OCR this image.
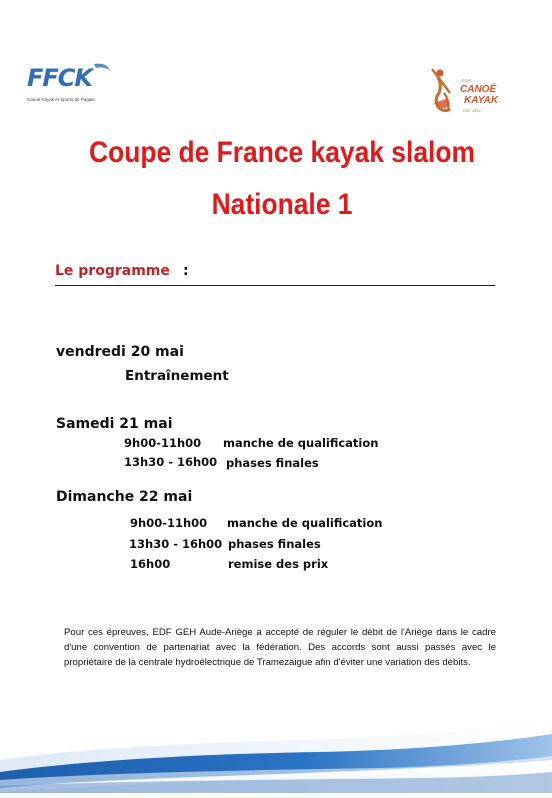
FFCK
Canoë Kayak et Sports de Pagaie
EDIF
CANOË
KAYAK
EST 1932
Coupe de France kayak slalom
Nationale 1
Le programme :
vendredi 20 mai
Entraînement
Samedi 21 mai
9h00-11h00 manche de qualification
13h30 - 16h00 phases finales
Dimanche 22 mai
9h00-11h00 manche de qualification
13h30 - 16h00 phases finales
16h00	remise des prix
Pour ces épreuves, EDF GEH Aude-Ariège a accepté de réguler le débit de l'Ariège dans le cadre d'une convention de partenariat avec la fédération. Des accords sont aussi passés avec le propriétaire de la centrale hydroélectrique de Tramezaigue afin d'éviter une variation des débits.
